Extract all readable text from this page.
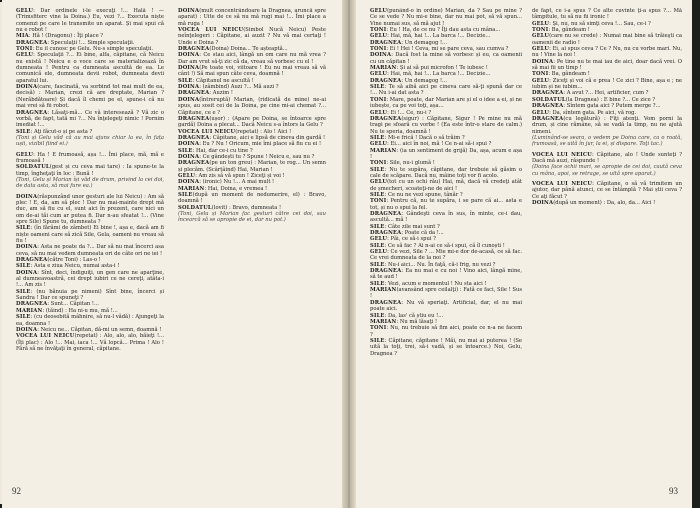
GELU: Dar ordinele i-le execuţi !... Hală ! — (Trimsfiterc vine la Doina.) Eu, vezi ?... Executa niște comenzi pe care le transmite un aparat. Și mai spui că nu e robot !

MIA: Hă ! (Dragonu) : Îţi place ?

DRAGNEA: Speculaţii !... Simple speculaţii.

TONI: Eu il cunosc pe Gelu. Nu-s simple speculaţii.

GELU: Speculaţii ?... Ei bine, alfa, căpitane, că Neicu nu există ! Neicu e o voce care se materializează în dumneata ! Pentru ca dumneata ascultă de ea. Le comunică ele, dumneata devii robot, dumneata devii aparatul lui.

DOINA(care, fascinată, va sorbind tot mai mult de ea, decisă) : Marian, crezi că are dreptate, Marian ? (Nerăbdătoare) Și dacă îl chemi pe el, spune-i că nu mai vrei să fii robot.

DRAGNEA: Lăsaţi-mă... Ce vă interesează ? Vă zic o vorbă, de fapt, tată mi ?... Nu înţelegeţi nimic ! Pornim imediat !...

SILE: Aţi făcut-o și pe asta ?

(Toni și Gelu văd că au mai ajuns chiar la ea, în fața ușii, vizibil fiind ei.)

GELU: Ha ! E frumoasă, așa !... Îmi place, mă, mă e frumoasă !

SOLDATUL(gest și cu ceva mai tare) : Ia spune-te la timp, îngheţaţi în loc : Bună !

(Toni, Gelu și Marian își văd de drum, privind la cei doi, de data asta, să mai fure ea.)

DOINA(răspunzând unor gesturi ale lui Neicu) : Am să plec ! E, da, am să plec ! Dar nu mai-mainte drept mă duc, am să fiu cu el, sunt aici în prezent, care nici un om de-ai tăi cum ar putea fi. Dar n-au sfeatat !... (Vine spre Sile) Spune tu, dumneata ?

SILE: (în fărâmi de zâmbet) Ei bine !, așa e, dacă am fi niște oameni care să zică Sile, Gela, oameni nu vreau să fiu !

DOINA: Asta ne poate da ?... Dar să nu mai încerci asa ceva, să nu mai vedem dumneata ori de câte ori ne iei !

DRAGNEA(către Toni) : Las-o !

SILE: Asta e ziua Neicu, numai asta-i !

DOINA: Sînt, deci, îndiguiţi, un gen care ne aparţine, al dumneavoastră, cei drept iubiri ce ne cereţi, atâta-i !... Am zis !

SILE: (nu bănuia pe nimeni) Sînt bine, încerci și Sandra ! Dar ce spuneţi ?

DRAGNEA: Sunt... Căpitan !...

MARIAN: (tăind) : Ha ni-u mu, mă !...

SILE: (cu deosebită mâhnire, să nu-l vădă) : Ajungeţi la ea, doamna !

DOINA: Neicu ne... Căpitan, dă-mi un semn, doamnă !

VOCEA LUI NEICU(repetat) : Alo, alo, alo, băieţi !... (Îți plac) : Alo !... Mai, iaca !... Vă lopcă... Prima ! Alo ! Fără să ne învăţaţi în general, căpitane.

DOINA(mult concentrândoare la Dragnea, aruncă spre aparat) : Uite de ce să nu mă rugi mai !... Îmi place a mă ruga !

VOCEA LUI NEICU(Simbol Nucă Neicu) Peste neînţelegeri : Căpitane, ai auzit ? Nu vă mai certaţi ! Unde e Doina ?

DRAGNEA(Doina) Doina... Te așteaptă...

DOINA: Ce stau aici, lângă un om care nu mă vrea ? Dar am vrut să-ţi zic că da, vreau să vorbesc cu el !

DOINA(Pe toate voi, viitoare ! Eu nu mai vreau să vă cânt !) Să mai spun câte ceva, doamnă !

SILE: Căpitanul ne ascultă !

DOINA: (zâmbind) Auzi ?... Mă auzi ?

DRAGNEA: Auzim !

DOINA(întreruptă) Marian, (ridicată de mine) ne-ai spus, au sosit cei de la Doina, pe cine mi-ai chemat ?... Căpitane, ce e ?

DRAGNEA(ușor) : (Apare pe Doina, se întoarce spre gardă) Doina a plecat... Dacă Neicu s-a întors la Gelu ?

VOCEA LUI NEICU(repetat) : Alo ! Aici !

DRAGNEA: Căpitane, aici e lipsă de cineva din gardă !

DOINA: Eu ? Nu ! Oricum, mie îmi place să fiu cu ei !

SILE: Hai, dar ce-i cu tine ?

DOINA: Ce gândești tu ? Spune ! Neicu e, sau nu ?

DRAGNEA(pe un ton greu) : Marian, te rog... Un semn și plecăm. (Scârțâind) Hai, Marian !

GELU: Am zis să vă spun ! Ziceţi și voi !

DOINA: (ironic) Nu !... A mai mult !

MARIAN: Hai, Doina, e vremea !

SILE(după un moment de nedumerire, el) : Bravo, doamnă !

SOLDATUL(lovit) : Bravo, dumneata !

(Toni, Gelu și Marian fac gesturi către cei doi, sau încearcă să se apropie de ei, dar nu pot.)

92

GELU(punând-o în ordine) Marian, da ? Sau pe mine ? Ce se vede ? Nu mi-e bine, dar nu mai pot, să vă spun... Vine numai sus, să mă ajut !

TONI: Eu ! Ha, de ce nu ? Îţi dau asta cu mâna...

GELU: Hai, mă, hai !... La barca !... Decizie...

DRAGNEA: Un demagog !...

TONI: Ei ! Hei ! Ceva, mi se pare ceva, sau cumva ?

DOINA: Dacă fost la mine să vorbesc și eu, ca oamenii cu un căpitan !

MARIAN: Și ai să pui microfon ! Te iubesc !

GELU: Hai, mă, hai !... La barca !... Decizie...

DRAGNEA: Un demagog !...

SILE: Te să aibă aici pe cineva care să-ţi spună dar ce !... Nu i-ai dat asta ?

TONI: Mare, poate, dar Marian are și el o idee a ei, și ne iubește, ca pe voi toţi, așa...

GELU: Ei !... Ce, nu-i ?

DRAGNEA(sigur) : Căpitane, Sigur ! Pe mine nu mă tragi pe sfoară cu vorbe ! (Ea este într-o stare de calm.) Nu te speria, doamnă !

SILE: Mi-e frică ! Dacă o să trăim ?

GELU: Ei... aici în noi, mă ! Ce n-ai să-i spui ?

MARIAN: (ia un sentiment de grijă) Da, așa, acum e așa !

TONI: Sile, nu-i glumă !

SILE: Nu te supăra, căpitane, dar trebuie să găsim o cale de scăpare. Dacă nu, mâine toţi vor fi acolo.

GELU(tot cu un ochi rău) Hai, mă, dacă vă credeţi atât de șmecheri, scoateţi-ne de aici !

SILE: Ce nu ne vezi spune, tânăr ?

TONI: Pentru că, nu te supăra, i se pare că ai... asta e tot, și nu o spui la fel.

DRAGNEA: Gândeşti ceva în sus, în minte, ce-i dau, ascultă... mă !

SILE: Câte zile mai sunt ?

DRAGNEA: Poate că da !...

GELU: Păi, ce să-i spui ?

SILE: Ce să fac ? Ai n-ai ce să-i spui, că îl cunoști !

GELU: Ce vezi, Sile ? ... Mie mi-e dor de-acasă, ce să fac. Ce vrei dumneata de la noi ?

SILE: Nu-i aici... Nu. În faţă, că-i frig, nu vezi ?

DRAGNEA: Ea nu mai e cu noi ! Vino aici, lângă mine, să te aud !

SILE: Vezi, acum e momentul ! Nu sta aici !

MARIAN(avansând spre ceilalţi) : Fată ce faci, Sile ! Sus !

DRAGNEA: Nu vă speriaţi. Artificial, dar, el nu mai poate aici.

SILE: Da, las' că știu eu !...

MARIAN: Nu mă lăsaţi !

TONI: Nu, nu trebuie să fim aici, poate ce n-a ne facem ?

SILE: Căpitane, căpitane ! Măi, nu mai ai puterea ! (Se uită la toţi, trei, să-i vadă, și se întoarce.) Noi, Gelu, Dragnea ?

de fapt, ce i-a spus ? Ce alte cuvinte ţi-a spus ?... Mă tâmpitule, tu să nu fii ironic !

GELU: Și, nu, nu să simţi ceva !... Sau, ce-i ?

TONI: Ba, gândeam !

GELU(care nu se crede) : Numai mai bine să trăieşti ca oamenii de radio !

GELU: Ei, ai spus ceva ? Ce ? Nu, nu cu vorbe mari. Nu, nu ! Vine la noi !

DOINA: Pe tine nu te mai iau de aici, doar dacă vrei. O să mai fii un timp !

TONI: Ba, gândeam !

GELU: Ziceţi și voi că e prea ! Ce zici ? Bine, așa e ; ne iubim și ne iubim...

DRAGNEA: A avut ?... Hei, artificier, cum ?

SOLDATUL(la Dragnea) : E bine ?... Ce zice ?

DRAGNEA: Sîntem gata aici ? Putem merge ?...

GELU: Da, sîntem gata. Pe aici, vă rog.

DRAGNEA(cu legătură) : Fiţi atenţi. Vom porni la drum, și cine rămâne, să se vadă la timp, nu ne ajută nimeni.

(Luminând-se seara, o vedem pe Doina care, ca o roată, frumoasă, se uită în jur, la ei, și dispare. Toţi tac.)

VOCEA LUI NEICU: Căpitane, alo ! Unde sunteţi ? Dacă mă auzi, răspunde !

(Doina face ochii mari, se apropie de cei doi, caută ceva cu mâna, apoi, se retrage, se uită spre aparat.)

VOCEA LUI NEICU: Căpitane, o să vă trimitem un ajutor, dar până atunci, ce se întâmplă ? Mai știi ceva ? Ce aţi făcut ?

DOINA(după un moment) : Da, alo, da... Aici !

93
